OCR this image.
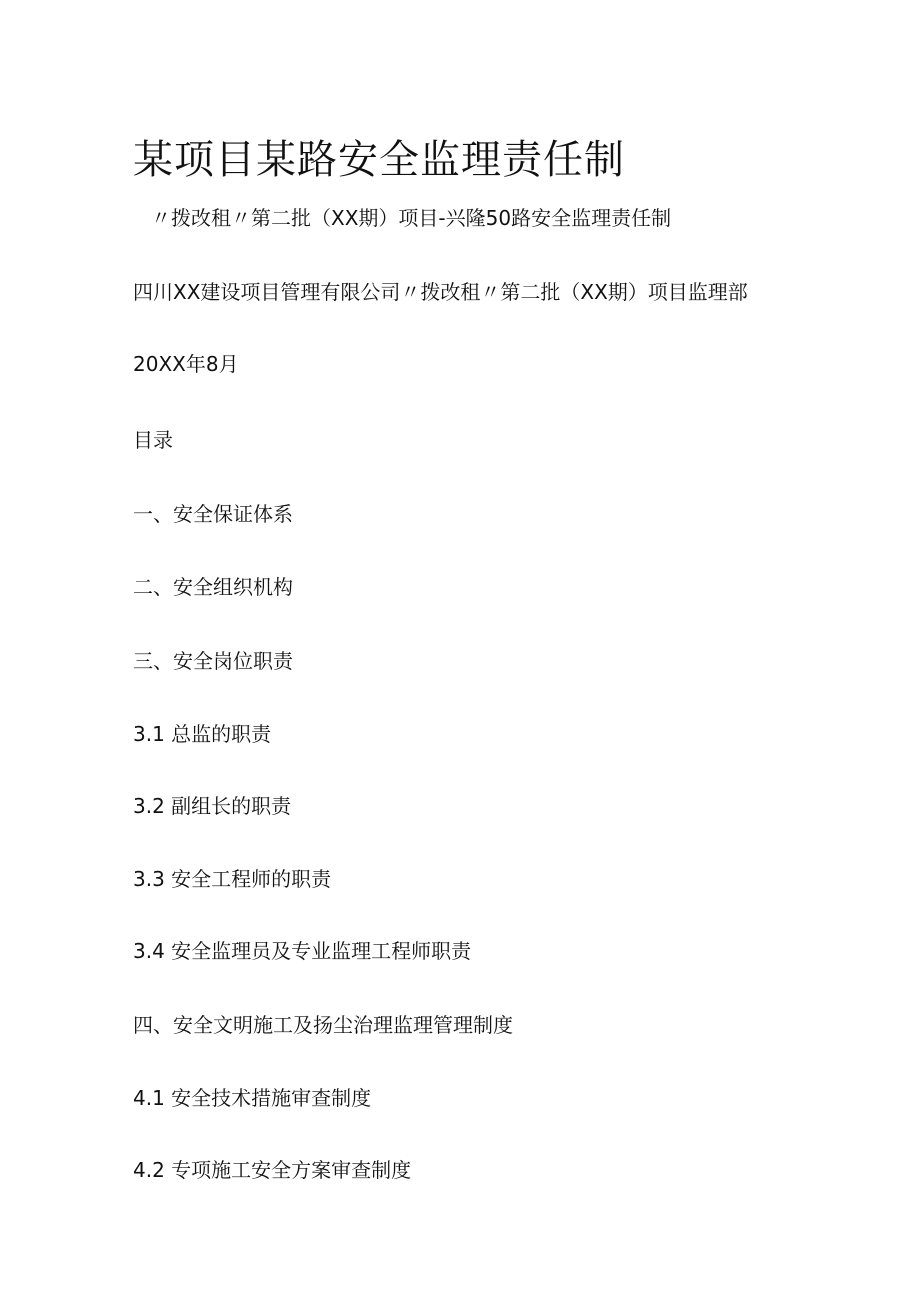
某项目某路安全监理责任制
〃拨改租〃第二批（XX期）项目-兴隆50路安全监理责任制
四川XX建设项目管理有限公司〃拨改租〃第二批（XX期）项目监理部
20XX年8月
目录
一、安全保证体系
二、安全组织机构
三、安全岗位职责
3.1 总监的职责
3.2 副组长的职责
3.3 安全工程师的职责
3.4 安全监理员及专业监理工程师职责
四、安全文明施工及扬尘治理监理管理制度
4.1 安全技术措施审查制度
4.2 专项施工安全方案审查制度
